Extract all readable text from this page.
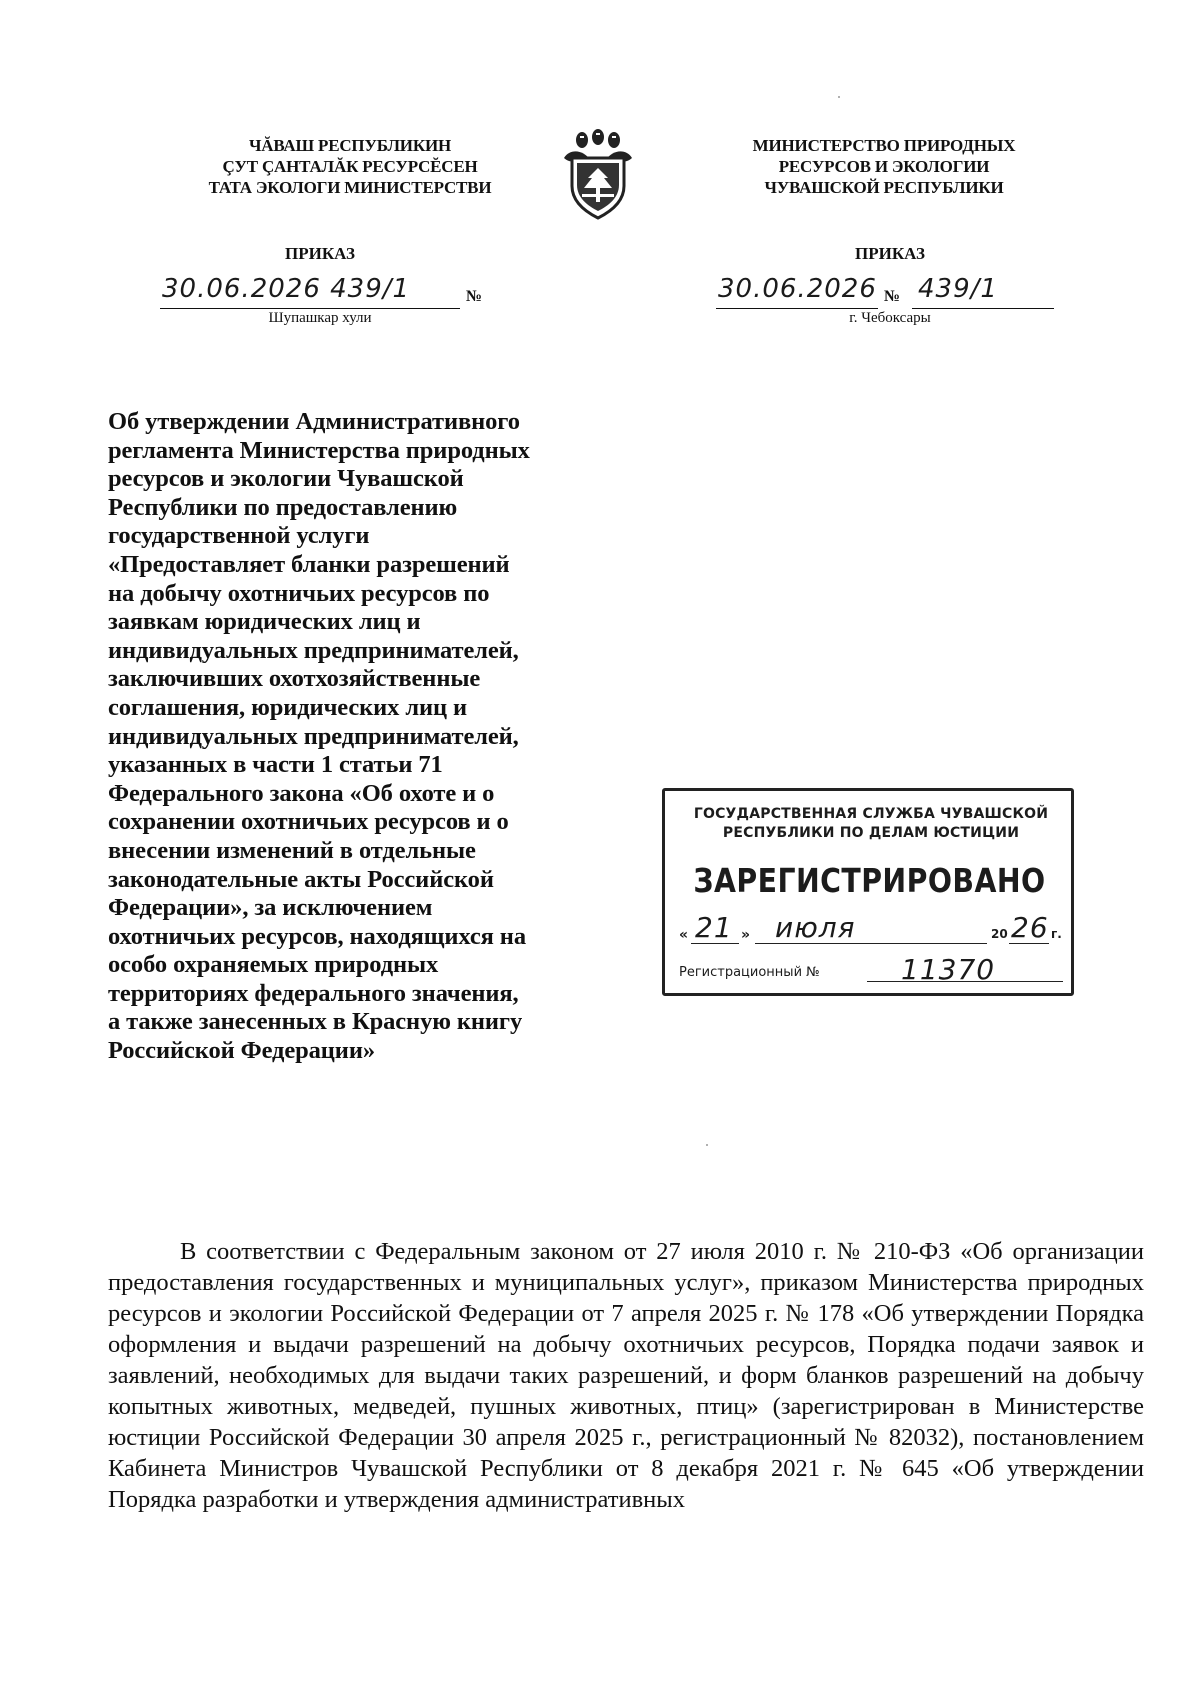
ЧĂВАШ РЕСПУБЛИКИН
ÇУТ ÇАНТАЛĂК РЕСУРСĔСЕН
ТАТА ЭКОЛОГИ МИНИСТЕРСТВИ
МИНИСТЕРСТВО ПРИРОДНЫХ
РЕСУРСОВ И ЭКОЛОГИИ
ЧУВАШСКОЙ РЕСПУБЛИКИ
ПРИКАЗ	ПРИКАЗ
30.06.2026 439/1	№
Шупашкар хули
30.06.2026 № 439/1
г. Чебоксары
Об утверждении Административного
регламента Министерства природных
ресурсов и экологии Чувашской
Республики по предоставлению
государственной услуги
«Предоставляет бланки разрешений
на добычу охотничьих ресурсов по
заявкам юридических лиц и
индивидуальных предпринимателей,
заключивших охотхозяйственные
соглашения, юридических лиц и
индивидуальных предпринимателей,
указанных в части 1 статьи 71
Федерального закона «Об охоте и о
сохранении охотничьих ресурсов и о
внесении изменений в отдельные
законодательные акты Российской
Федерации», за исключением
охотничьих ресурсов, находящихся на
особо охраняемых природных
территориях федерального значения,
а также занесенных в Красную книгу
Российской Федерации»
ГОСУДАРСТВЕННАЯ СЛУЖБА ЧУВАШСКОЙ
РЕСПУБЛИКИ ПО ДЕЛАМ ЮСТИЦИИ
ЗАРЕГИСТРИРОВАНО
« 21 » июля	20 26 г.
Регистрационный №	11370
В соответствии с Федеральным законом от 27 июля 2010 г. № 210-ФЗ «Об организации предоставления государственных и муниципальных услуг», приказом Министерства природных ресурсов и экологии Российской Федерации от 7 апреля 2025 г. № 178 «Об утверждении Порядка оформления и выдачи разрешений на добычу охотничьих ресурсов, Порядка подачи заявок и заявлений, необходимых для выдачи таких разрешений, и форм бланков разрешений на добычу копытных животных, медведей, пушных животных, птиц» (зарегистрирован в Министерстве юстиции Российской Федерации 30 апреля 2025 г., регистрационный № 82032), постановлением Кабинета Министров Чувашской Республики от 8 декабря 2021 г. № 645 «Об утверждении Порядка разработки и утверждения административных
